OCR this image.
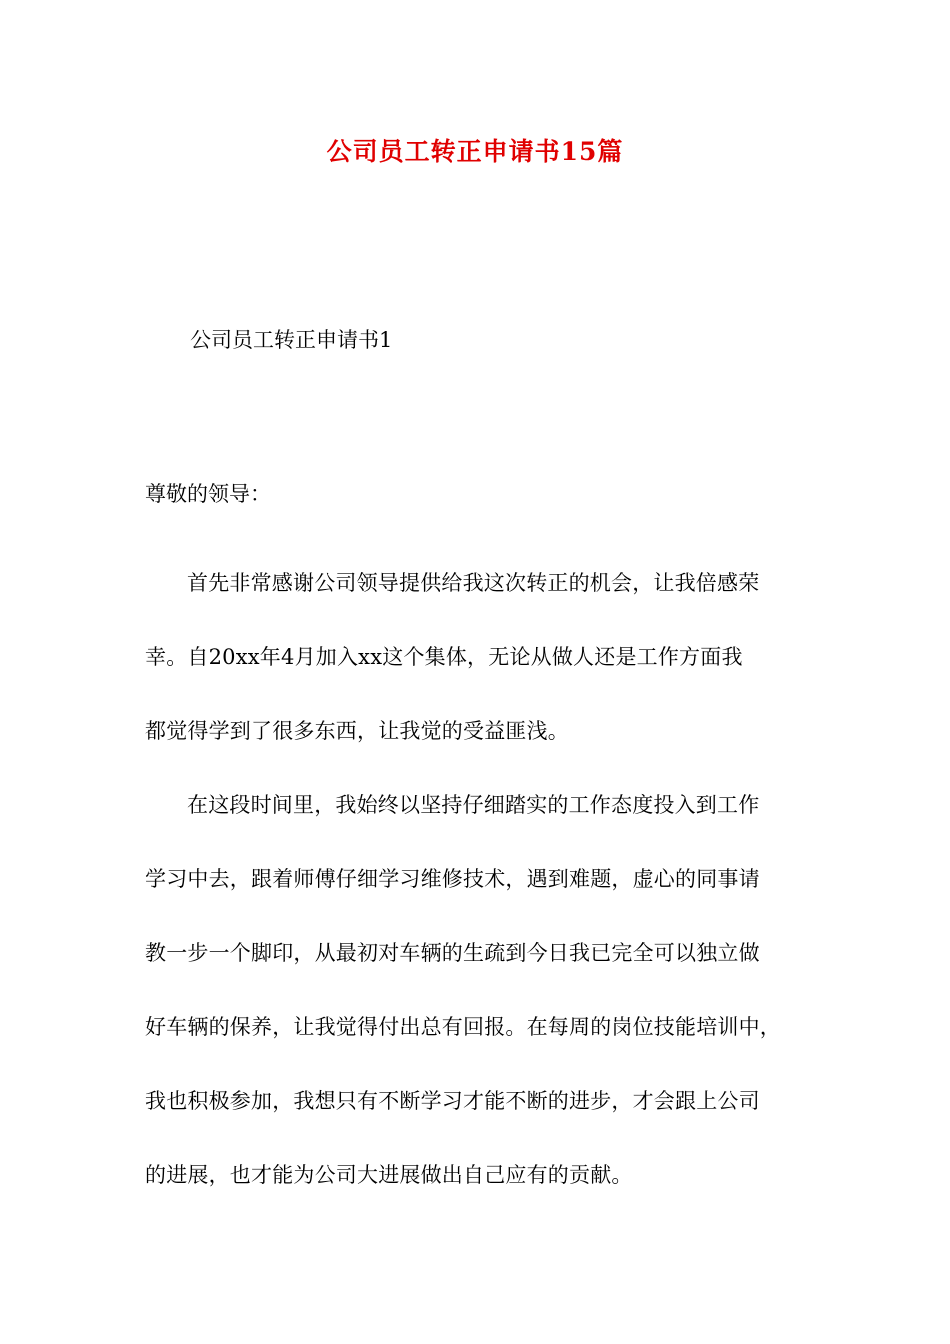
公司员工转正申请书15篇

公司员工转正申请书1

尊敬的领导：

首先非常感谢公司领导提供给我这次转正的机会，让我倍感荣
幸。自20xx年4月加入xx这个集体，无论从做人还是工作方面我
都觉得学到了很多东西，让我觉的受益匪浅。

在这段时间里，我始终以坚持仔细踏实的工作态度投入到工作
学习中去，跟着师傅仔细学习维修技术，遇到难题，虚心的同事请
教一步一个脚印，从最初对车辆的生疏到今日我已完全可以独立做
好车辆的保养，让我觉得付出总有回报。在每周的岗位技能培训中，
我也积极参加，我想只有不断学习才能不断的进步，才会跟上公司
的进展，也才能为公司大进展做出自己应有的贡献。
